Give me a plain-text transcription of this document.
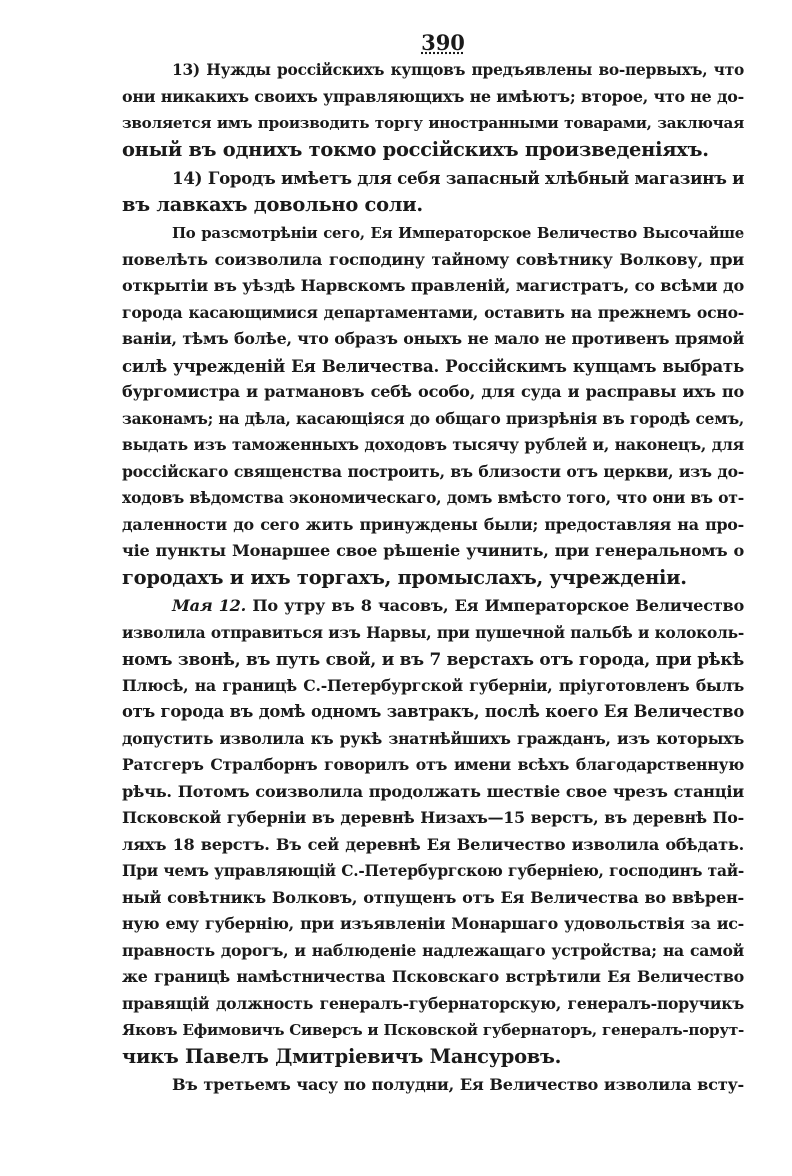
390

13) Нужды россійскихъ купцовъ предъявлены во-первыхъ, что
они никакихъ своихъ управляющихъ не имѣютъ; второе, что не до-
зволяется имъ производить торгу иностранными товарами, заключая
оный въ однихъ токмо россійскихъ произведеніяхъ.

14) Городъ имѣетъ для себя запасный хлѣбный магазинъ и
въ лавкахъ довольно соли.

По разсмотрѣніи сего, Ея Императорское Величество Высочайше
повелѣть соизволила господину тайному совѣтнику Волкову, при
открытіи въ уѣздѣ Нарвскомъ правленій, магистратъ, со всѣми до
города касающимися департаментами, оставить на прежнемъ осно-
ваніи, тѣмъ болѣе, что образъ оныхъ не мало не противенъ прямой
силѣ учрежденій Ея Величества. Россійскимъ купцамъ выбрать
бургомистра и ратмановъ себѣ особо, для суда и расправы ихъ по
законамъ; на дѣла, касающіяся до общаго призрѣнія въ городѣ семъ,
выдать изъ таможенныхъ доходовъ тысячу рублей и, наконецъ, для
россійскаго священства построить, въ близости отъ церкви, изъ до-
ходовъ вѣдомства экономическаго, домъ вмѣсто того, что они въ от-
даленности до сего жить принуждены были; предоставляя на про-
чіе пункты Монаршее свое рѣшеніе учинить, при генеральномъ о
городахъ и ихъ торгахъ, промыслахъ, учрежденіи.

Мая 12. По утру въ 8 часовъ, Ея Императорское Величество
изволила отправиться изъ Нарвы, при пушечной пальбѣ и колоколь-
номъ звонѣ, въ путь свой, и въ 7 верстахъ отъ города, при рѣкѣ
Плюсѣ, на границѣ С.-Петербургской губерніи, пріуготовленъ былъ
отъ города въ домѣ одномъ завтракъ, послѣ коего Ея Величество
допустить изволила къ рукѣ знатнѣйшихъ гражданъ, изъ которыхъ
Ратсгеръ Стралборнъ говорилъ отъ имени всѣхъ благодарственную
рѣчь. Потомъ соизволила продолжать шествіе свое чрезъ станціи
Псковской губерніи въ деревнѣ Низахъ—15 верстъ, въ деревнѣ По-
ляхъ 18 верстъ. Въ сей деревнѣ Ея Величество изволила обѣдать.
При чемъ управляющій С.-Петербургскою губерніею, господинъ тай-
ный совѣтникъ Волковъ, отпущенъ отъ Ея Величества во ввѣрен-
ную ему губернію, при изъявленіи Монаршаго удовольствія за ис-
правность дорогъ, и наблюденіе надлежащаго устройства; на самой
же границѣ намѣстничества Псковскаго встрѣтили Ея Величество
правящій должность генералъ-губернаторскую, генералъ-поручикъ
Яковъ Ефимовичъ Сиверсъ и Псковской губернаторъ, генералъ-порут-
чикъ Павелъ Дмитріевичъ Мансуровъ.

Въ третьемъ часу по полудни, Ея Величество изволила всту-
